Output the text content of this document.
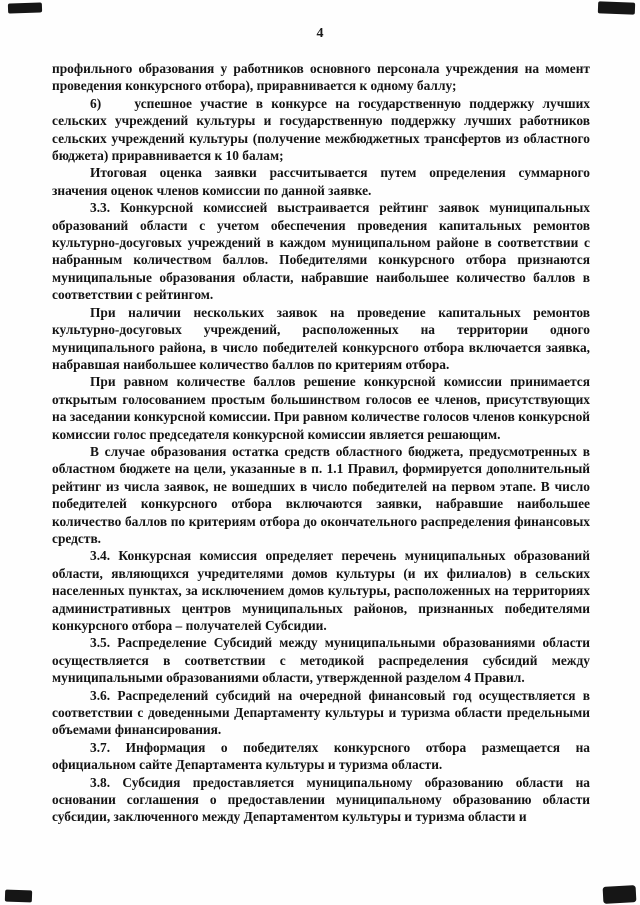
4

профильного образования у работников основного персонала учреждения на момент проведения конкурсного отбора), приравнивается к одному баллу;

6)    успешное участие в конкурсе на государственную поддержку лучших сельских учреждений культуры и государственную поддержку лучших работников сельских учреждений культуры (получение межбюджетных трансфертов из областного бюджета) приравнивается к 10 балам;

Итоговая оценка заявки рассчитывается путем определения суммарного значения оценок членов комиссии по данной заявке.

3.3. Конкурсной комиссией выстраивается рейтинг заявок муниципальных образований области с учетом обеспечения проведения капитальных ремонтов культурно-досуговых учреждений в каждом муниципальном районе в соответствии с набранным количеством баллов. Победителями конкурсного отбора признаются муниципальные образования области, набравшие наибольшее количество баллов в соответствии с рейтингом.

При наличии нескольких заявок на проведение капитальных ремонтов культурно-досуговых учреждений, расположенных на территории одного муниципального района, в число победителей конкурсного отбора включается заявка, набравшая наибольшее количество баллов по критериям отбора.

При равном количестве баллов решение конкурсной комиссии принимается открытым голосованием простым большинством голосов ее членов, присутствующих на заседании конкурсной комиссии. При равном количестве голосов членов конкурсной комиссии голос председателя конкурсной комиссии является решающим.

В случае образования остатка средств областного бюджета, предусмотренных в областном бюджете на цели, указанные в п. 1.1 Правил, формируется дополнительный рейтинг из числа заявок, не вошедших в число победителей на первом этапе. В число победителей конкурсного отбора включаются заявки, набравшие наибольшее количество баллов по критериям отбора до окончательного распределения финансовых средств.

3.4. Конкурсная комиссия определяет перечень муниципальных образований области, являющихся учредителями домов культуры (и их филиалов) в сельских населенных пунктах, за исключением домов культуры, расположенных на территориях административных центров муниципальных районов, признанных победителями конкурсного отбора – получателей Субсидии.

3.5. Распределение Субсидий между муниципальными образованиями области осуществляется в соответствии с методикой распределения субсидий между муниципальными образованиями области, утвержденной разделом 4 Правил.

3.6. Распределений субсидий на очередной финансовый год осуществляется в соответствии с доведенными Департаменту культуры и туризма области предельными объемами финансирования.

3.7. Информация о победителях конкурсного отбора размещается на официальном сайте Департамента культуры и туризма области.

3.8. Субсидия предоставляется муниципальному образованию области на основании соглашения о предоставлении муниципальному образованию области субсидии, заключенного между Департаментом культуры и туризма области и
